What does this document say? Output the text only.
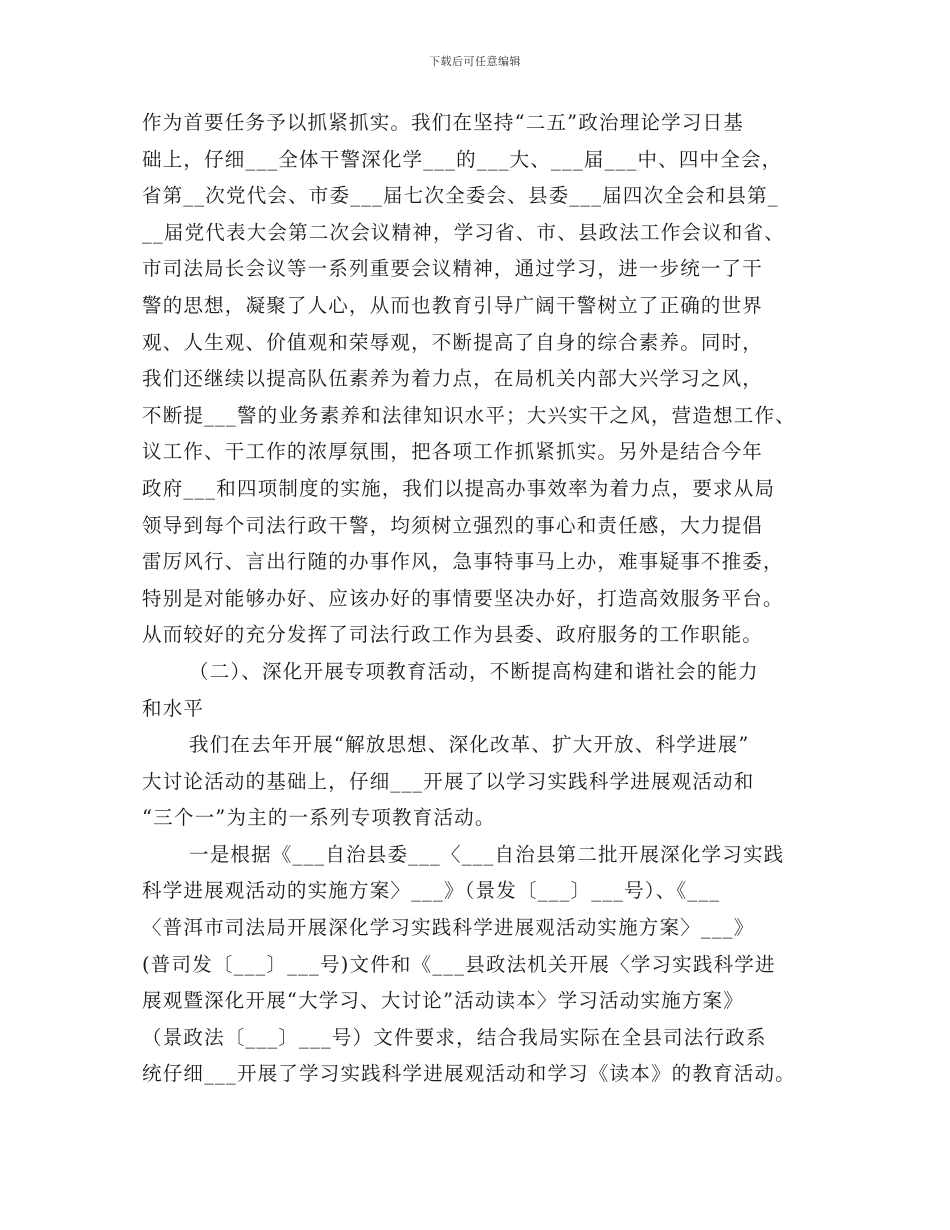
下载后可任意编辑
作为首要任务予以抓紧抓实。我们在坚持“二五”政治理论学习日基
础上，仔细___全体干警深化学___的___大、___届___中、四中全会，
省第__次党代会、市委___届七次全委会、县委___届四次全会和县第_
__届党代表大会第二次会议精神，学习省、市、县政法工作会议和省、
市司法局长会议等一系列重要会议精神，通过学习，进一步统一了干
警的思想，凝聚了人心，从而也教育引导广阔干警树立了正确的世界
观、人生观、价值观和荣辱观，不断提高了自身的综合素养。同时，
我们还继续以提高队伍素养为着力点，在局机关内部大兴学习之风，
不断提___警的业务素养和法律知识水平；大兴实干之风，营造想工作、
议工作、干工作的浓厚氛围，把各项工作抓紧抓实。另外是结合今年
政府___和四项制度的实施，我们以提高办事效率为着力点，要求从局
领导到每个司法行政干警，均须树立强烈的事心和责任感，大力提倡
雷厉风行、言出行随的办事作风，急事特事马上办，难事疑事不推委，
特别是对能够办好、应该办好的事情要坚决办好，打造高效服务平台。
从而较好的充分发挥了司法行政工作为县委、政府服务的工作职能。
（二）、深化开展专项教育活动，不断提高构建和谐社会的能力
和水平
我们在去年开展“解放思想、深化改革、扩大开放、科学进展”
大讨论活动的基础上，仔细___开展了以学习实践科学进展观活动和
“三个一”为主的一系列专项教育活动。
一是根据《___自治县委___〈___自治县第二批开展深化学习实践
科学进展观活动的实施方案〉___》（景发〔___〕___号）、《___
〈普洱市司法局开展深化学习实践科学进展观活动实施方案〉___》
(普司发〔___〕___号)文件和《___县政法机关开展〈学习实践科学进
展观暨深化开展“大学习、大讨论”活动读本〉学习活动实施方案》
（景政法〔___〕___号）文件要求，结合我局实际在全县司法行政系
统仔细___开展了学习实践科学进展观活动和学习《读本》的教育活动。
